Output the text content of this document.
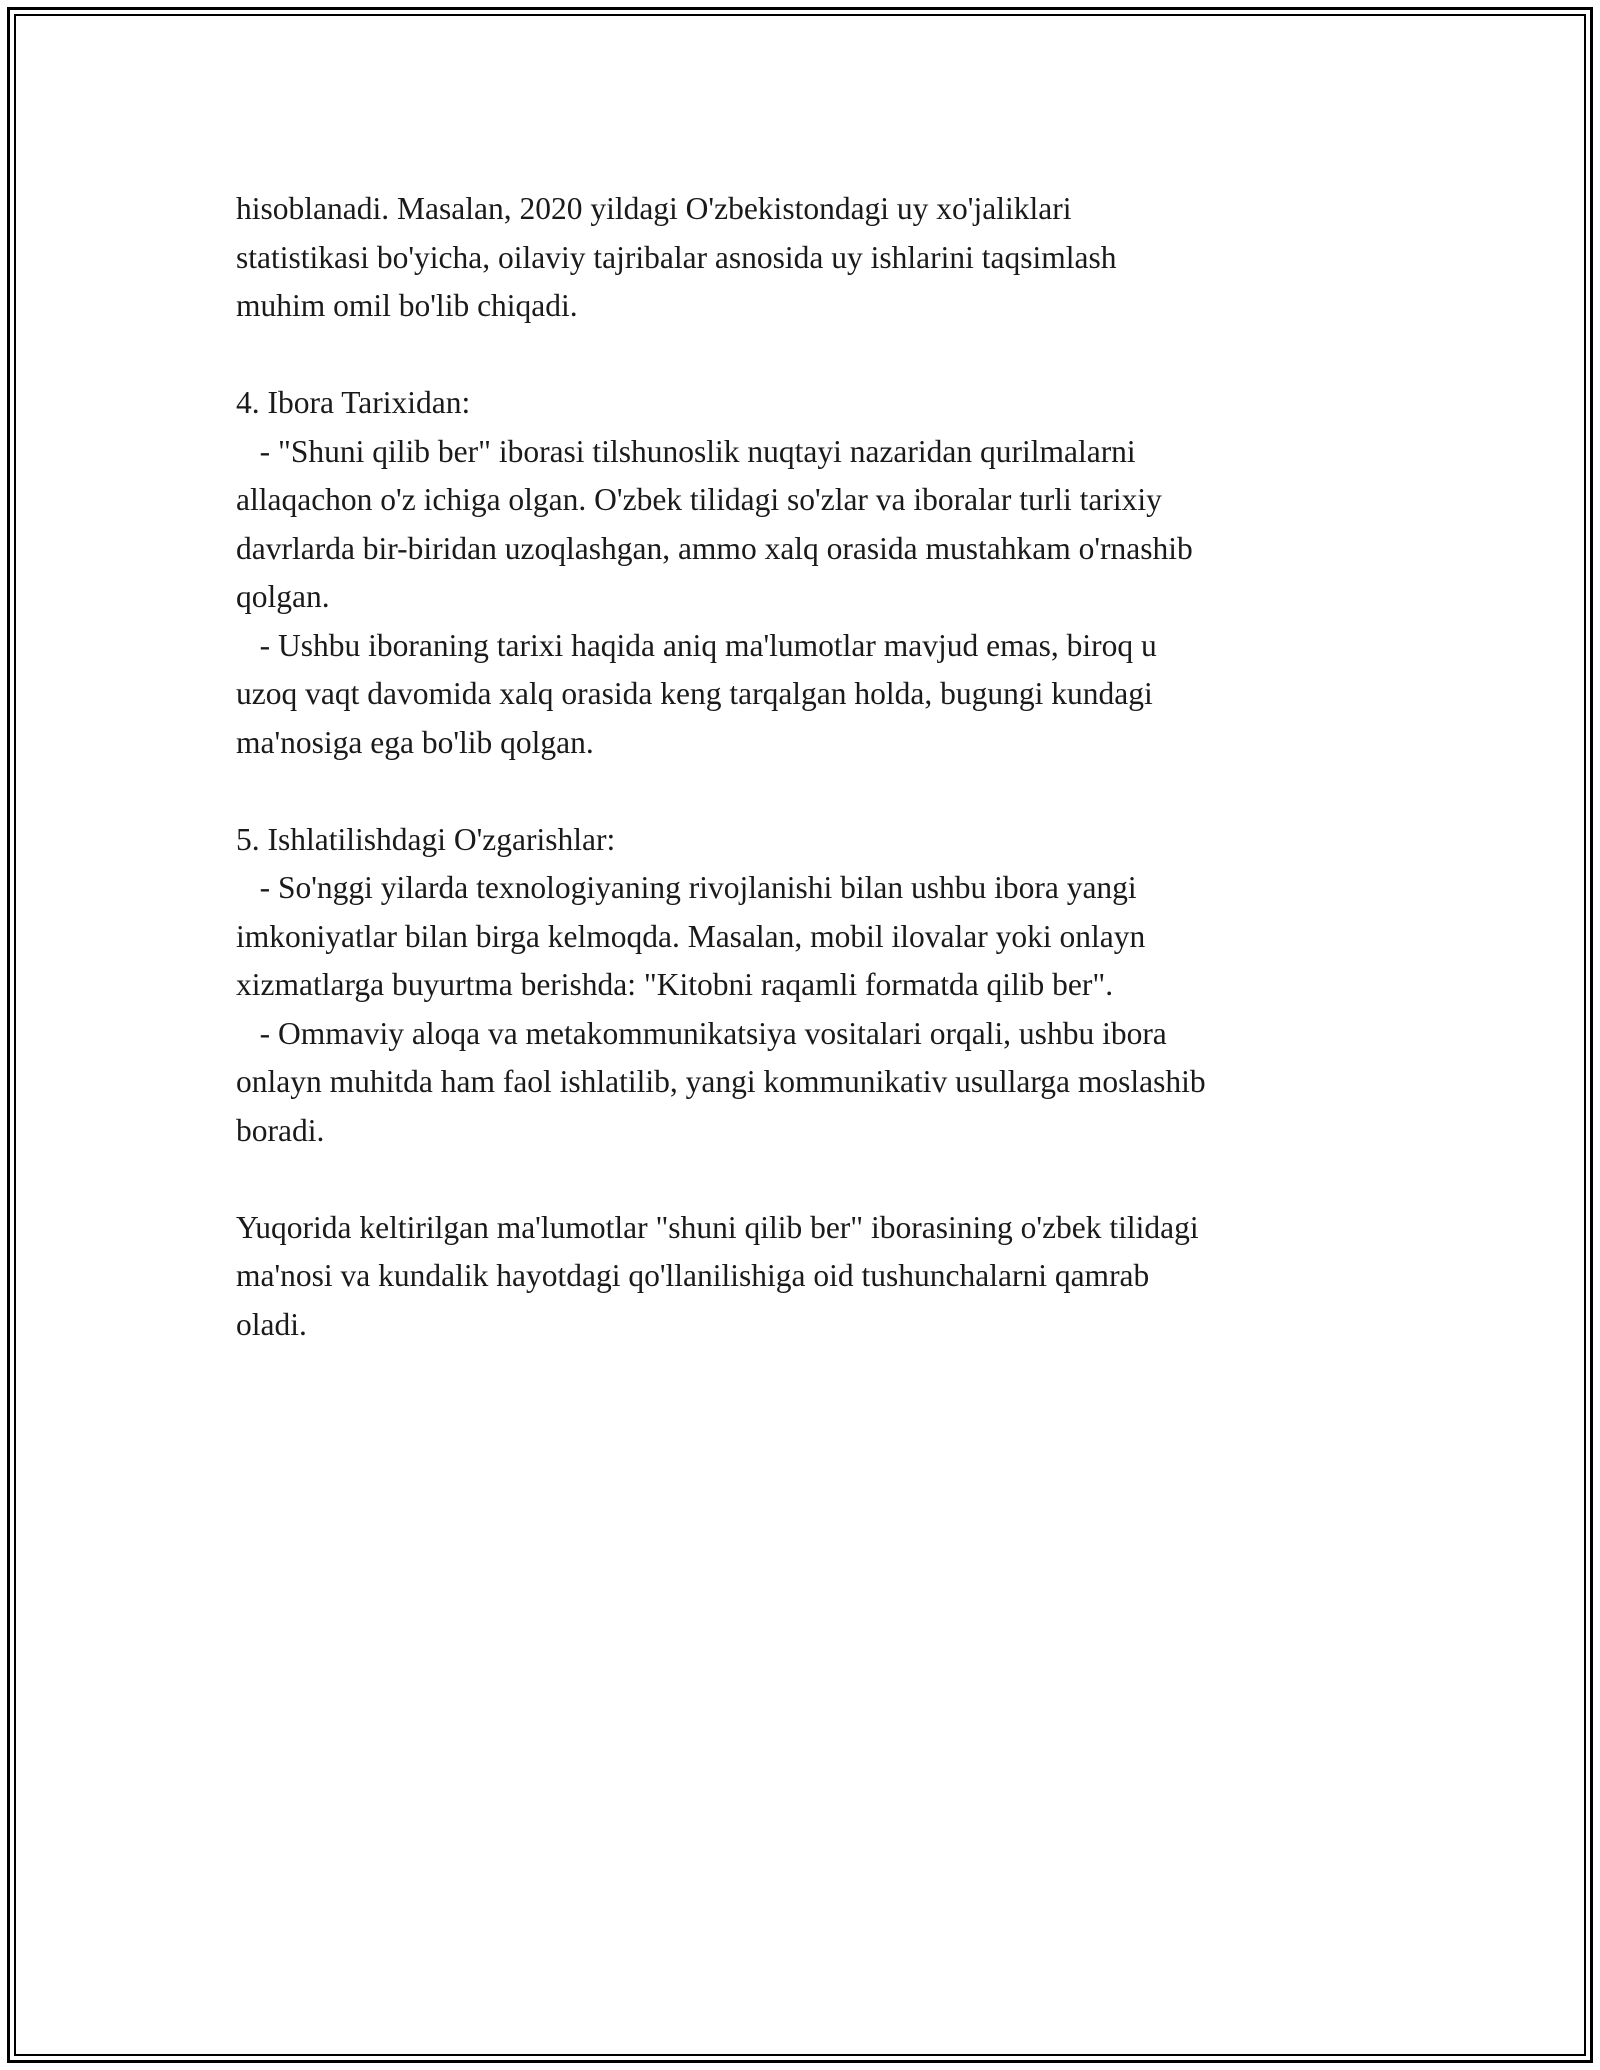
hisoblanadi. Masalan, 2020 yildagi O'zbekistondagi uy xo'jaliklari
statistikasi bo'yicha, oilaviy tajribalar asnosida uy ishlarini taqsimlash
muhim omil bo'lib chiqadi.

4. Ibora Tarixidan:

- "Shuni qilib ber" iborasi tilshunoslik nuqtayi nazaridan qurilmalarni
allaqachon o'z ichiga olgan. O'zbek tilidagi so'zlar va iboralar turli tarixiy
davrlarda bir-biridan uzoqlashgan, ammo xalq orasida mustahkam o'rnashib
qolgan.

- Ushbu iboraning tarixi haqida aniq ma'lumotlar mavjud emas, biroq u
uzoq vaqt davomida xalq orasida keng tarqalgan holda, bugungi kundagi
ma'nosiga ega bo'lib qolgan.

5. Ishlatilishdagi O'zgarishlar:

- So'nggi yilarda texnologiyaning rivojlanishi bilan ushbu ibora yangi
imkoniyatlar bilan birga kelmoqda. Masalan, mobil ilovalar yoki onlayn
xizmatlarga buyurtma berishda: "Kitobni raqamli formatda qilib ber".

- Ommaviy aloqa va metakommunikatsiya vositalari orqali, ushbu ibora
onlayn muhitda ham faol ishlatilib, yangi kommunikativ usullarga moslashib
boradi.

Yuqorida keltirilgan ma'lumotlar "shuni qilib ber" iborasining o'zbek tilidagi
ma'nosi va kundalik hayotdagi qo'llanilishiga oid tushunchalarni qamrab
oladi.
